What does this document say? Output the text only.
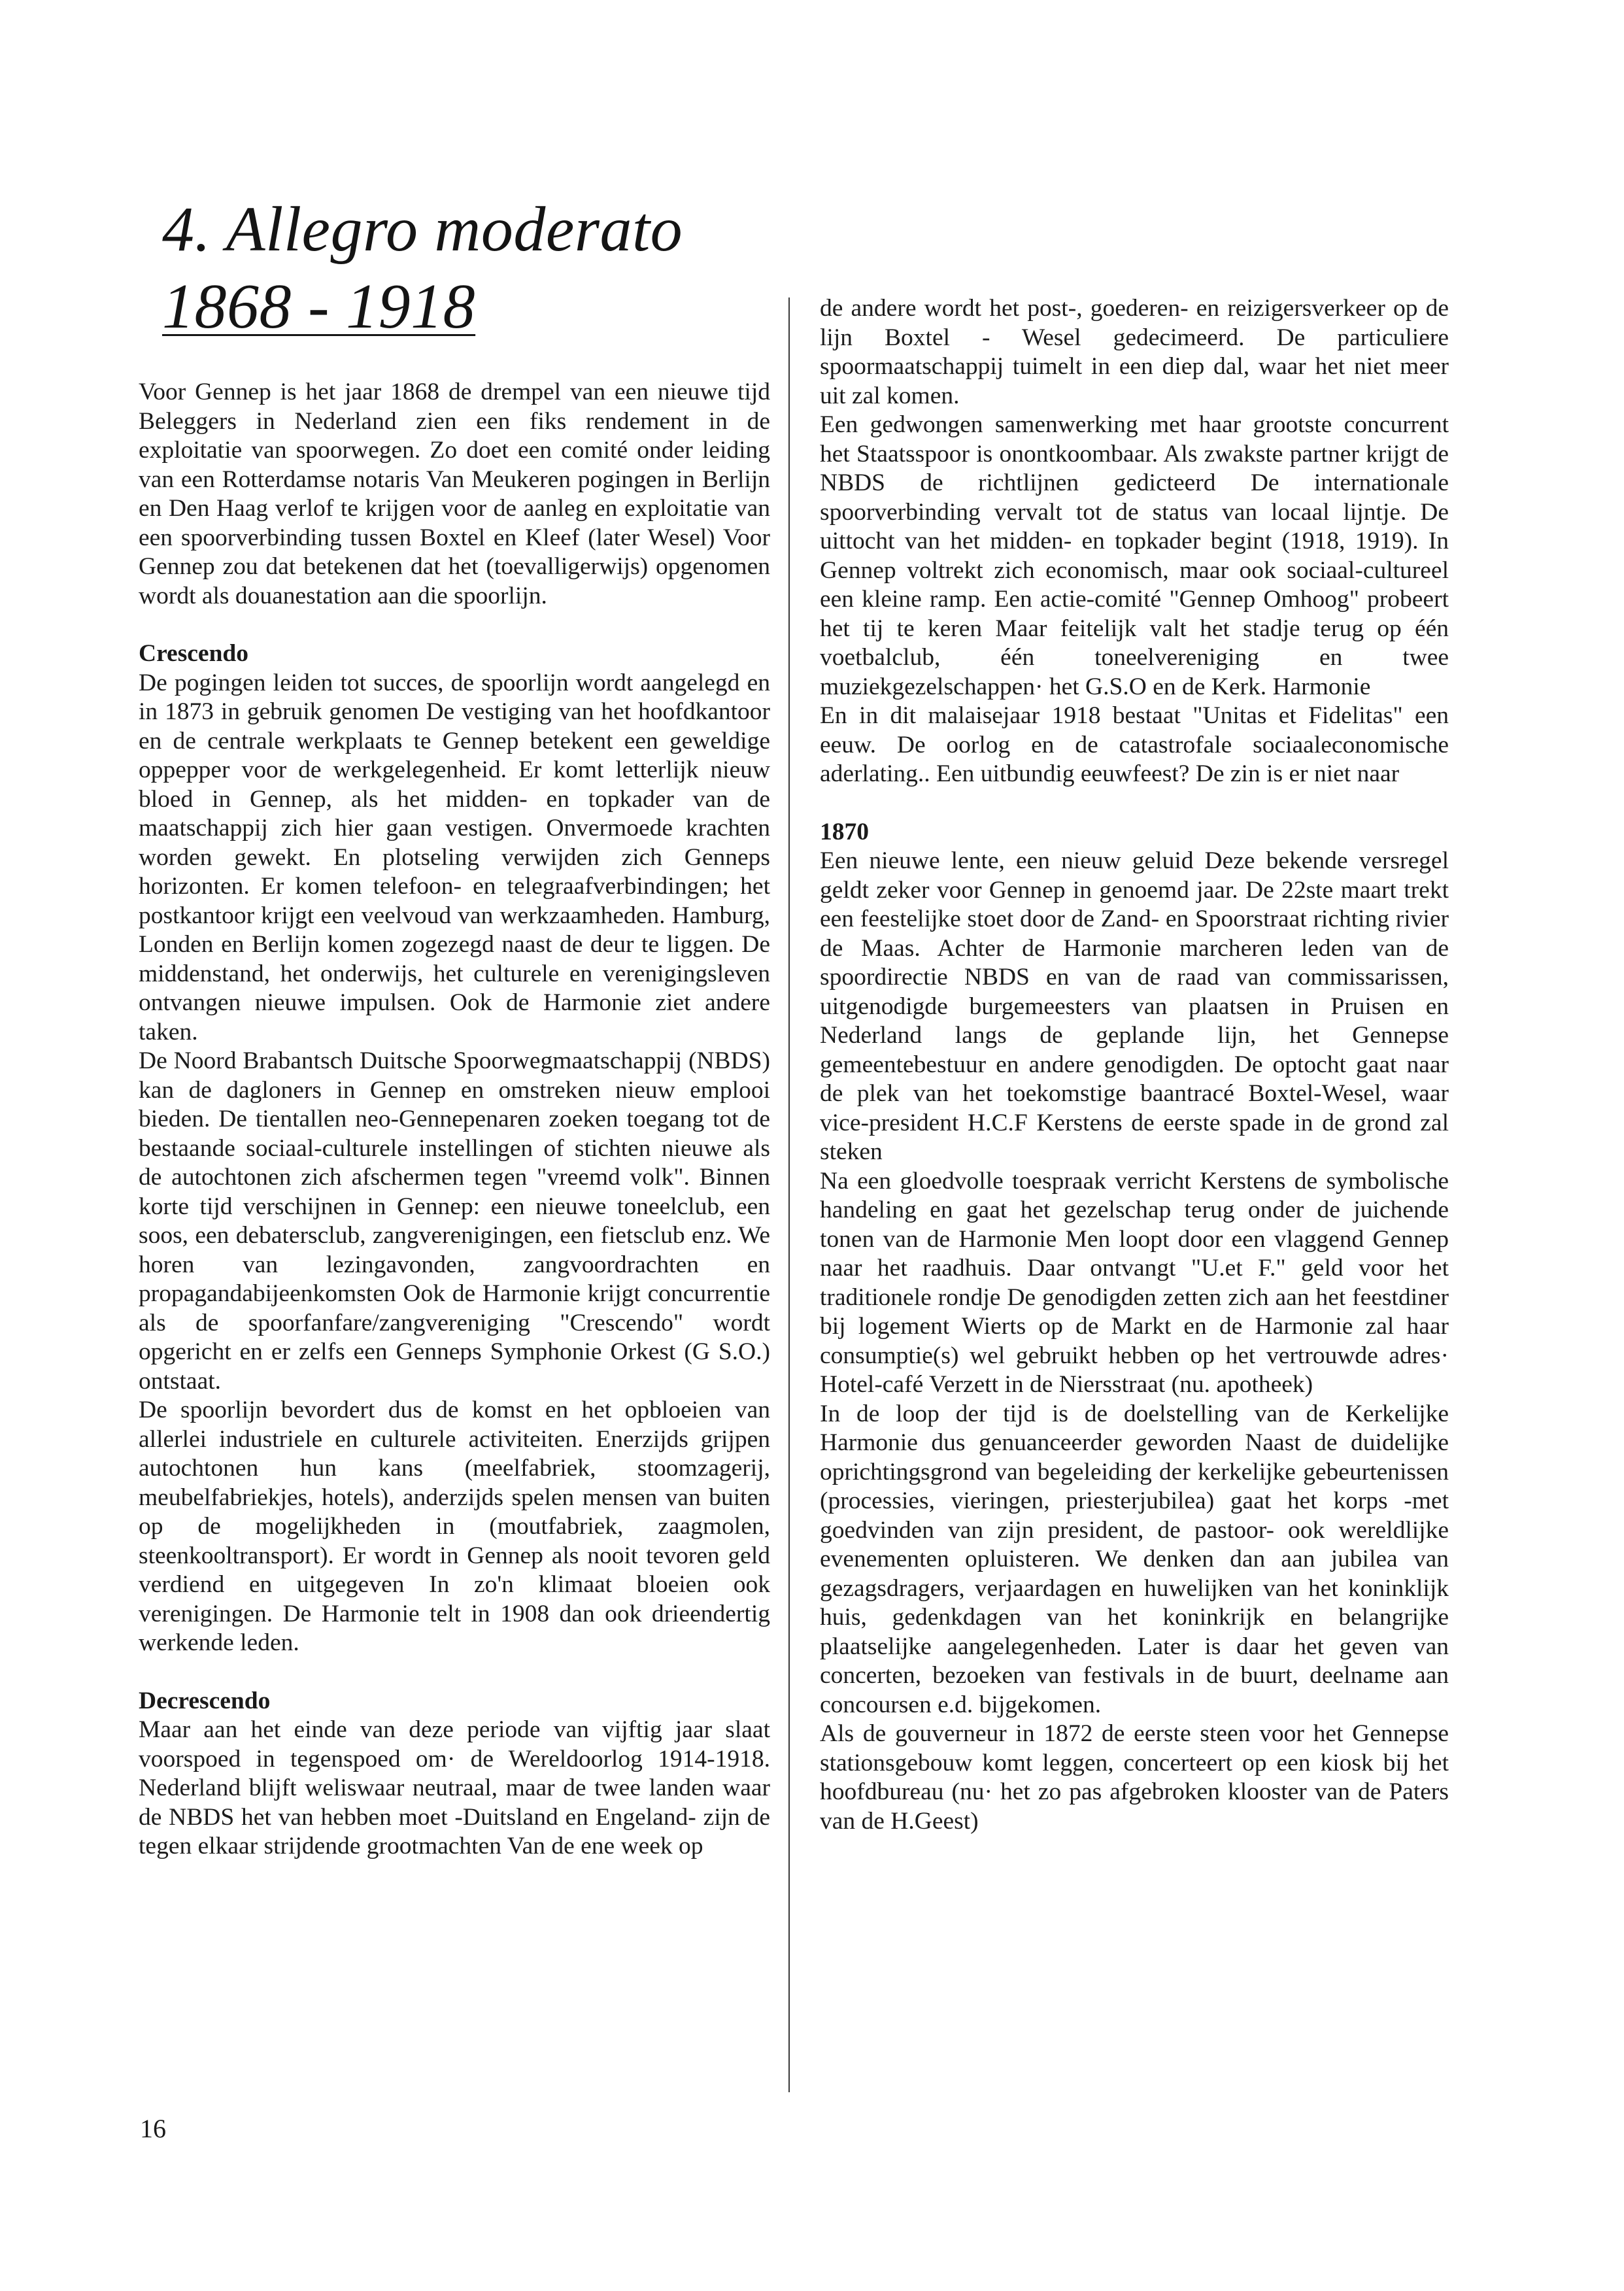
4. Allegro moderato
1868 - 1918

Voor Gennep is het jaar 1868 de drempel van een nieuwe tijd Beleggers in Nederland zien een fiks rendement in de exploitatie van spoorwegen. Zo doet een comité onder leiding van een Rotterdamse notaris Van Meukeren pogingen in Berlijn en Den Haag verlof te krijgen voor de aanleg en exploitatie van een spoorverbinding tussen Boxtel en Kleef (later Wesel) Voor Gennep zou dat betekenen dat het (toevalligerwijs) opgenomen wordt als douanestation aan die spoorlijn.

Crescendo

De pogingen leiden tot succes, de spoorlijn wordt aangelegd en in 1873 in gebruik genomen De vestiging van het hoofdkantoor en de centrale werkplaats te Gennep betekent een geweldige oppepper voor de werkgelegenheid. Er komt letterlijk nieuw bloed in Gennep, als het midden- en topkader van de maatschappij zich hier gaan vestigen. Onvermoede krachten worden gewekt. En plotseling verwijden zich Genneps horizonten. Er komen telefoon- en telegraafverbindingen; het postkantoor krijgt een veelvoud van werkzaamheden. Hamburg, Londen en Berlijn komen zogezegd naast de deur te liggen. De middenstand, het onderwijs, het culturele en verenigingsleven ontvangen nieuwe impulsen. Ook de Harmonie ziet andere taken.

De Noord Brabantsch Duitsche Spoorwegmaatschappij (NBDS) kan de dagloners in Gennep en omstreken nieuw emplooi bieden. De tientallen neo-Gennepenaren zoeken toegang tot de bestaande sociaal-culturele instellingen of stichten nieuwe als de autochtonen zich afschermen tegen "vreemd volk". Binnen korte tijd verschijnen in Gennep: een nieuwe toneelclub, een soos, een debatersclub, zangverenigingen, een fietsclub enz. We horen van lezingavonden, zangvoordrachten en propagandabijeenkomsten Ook de Harmonie krijgt concurrentie als de spoorfanfare/zangvereniging "Crescendo" wordt opgericht en er zelfs een Genneps Symphonie Orkest (G S.O.) ontstaat.

De spoorlijn bevordert dus de komst en het opbloeien van allerlei industriele en culturele activiteiten. Enerzijds grijpen autochtonen hun kans (meelfabriek, stoomzagerij, meubelfabriekjes, hotels), anderzijds spelen mensen van buiten op de mogelijkheden in (moutfabriek, zaagmolen, steenkooltransport). Er wordt in Gennep als nooit tevoren geld verdiend en uitgegeven In zo'n klimaat bloeien ook verenigingen. De Harmonie telt in 1908 dan ook drieendertig werkende leden.

Decrescendo

Maar aan het einde van deze periode van vijftig jaar slaat voorspoed in tegenspoed om· de Wereldoorlog 1914-1918. Nederland blijft weliswaar neutraal, maar de twee landen waar de NBDS het van hebben moet -Duitsland en Engeland- zijn de tegen elkaar strijdende grootmachten Van de ene week op

de andere wordt het post-, goederen- en reizigersverkeer op de lijn Boxtel - Wesel gedecimeerd. De particuliere spoormaatschappij tuimelt in een diep dal, waar het niet meer uit zal komen.

Een gedwongen samenwerking met haar grootste concurrent het Staatsspoor is onontkoombaar. Als zwakste partner krijgt de NBDS de richtlijnen gedicteerd De internationale spoorverbinding vervalt tot de status van locaal lijntje. De uittocht van het midden- en topkader begint (1918, 1919). In Gennep voltrekt zich economisch, maar ook sociaal-cultureel een kleine ramp. Een actie-comité "Gennep Omhoog" probeert het tij te keren Maar feitelijk valt het stadje terug op één voetbalclub, één toneelvereniging en twee muziekgezelschappen· het G.S.O en de Kerk. Harmonie

En in dit malaisejaar 1918 bestaat "Unitas et Fidelitas" een eeuw. De oorlog en de catastrofale sociaaleconomische aderlating.. Een uitbundig eeuwfeest? De zin is er niet naar

1870

Een nieuwe lente, een nieuw geluid Deze bekende versregel geldt zeker voor Gennep in genoemd jaar. De 22ste maart trekt een feestelijke stoet door de Zand- en Spoorstraat richting rivier de Maas. Achter de Harmonie marcheren leden van de spoordirectie NBDS en van de raad van commissarissen, uitgenodigde burgemeesters van plaatsen in Pruisen en Nederland langs de geplande lijn, het Gennepse gemeentebestuur en andere genodigden. De optocht gaat naar de plek van het toekomstige baantracé Boxtel-Wesel, waar vice-president H.C.F Kerstens de eerste spade in de grond zal steken

Na een gloedvolle toespraak verricht Kerstens de symbolische handeling en gaat het gezelschap terug onder de juichende tonen van de Harmonie Men loopt door een vlaggend Gennep naar het raadhuis. Daar ontvangt "U.et F." geld voor het traditionele rondje De genodigden zetten zich aan het feestdiner bij logement Wierts op de Markt en de Harmonie zal haar consumptie(s) wel gebruikt hebben op het vertrouwde adres· Hotel-café Verzett in de Niersstraat (nu. apotheek)

In de loop der tijd is de doelstelling van de Kerkelijke Harmonie dus genuanceerder geworden Naast de duidelijke oprichtingsgrond van begeleiding der kerkelijke gebeurtenissen (processies, vieringen, priesterjubilea) gaat het korps -met goedvinden van zijn president, de pastoor- ook wereldlijke evenementen opluisteren. We denken dan aan jubilea van gezagsdragers, verjaardagen en huwelijken van het koninklijk huis, gedenkdagen van het koninkrijk en belangrijke plaatselijke aangelegenheden. Later is daar het geven van concerten, bezoeken van festivals in de buurt, deelname aan concoursen e.d. bijgekomen.

Als de gouverneur in 1872 de eerste steen voor het Gennepse stationsgebouw komt leggen, concerteert op een kiosk bij het hoofdbureau (nu· het zo pas afgebroken klooster van de Paters van de H.Geest)

16
